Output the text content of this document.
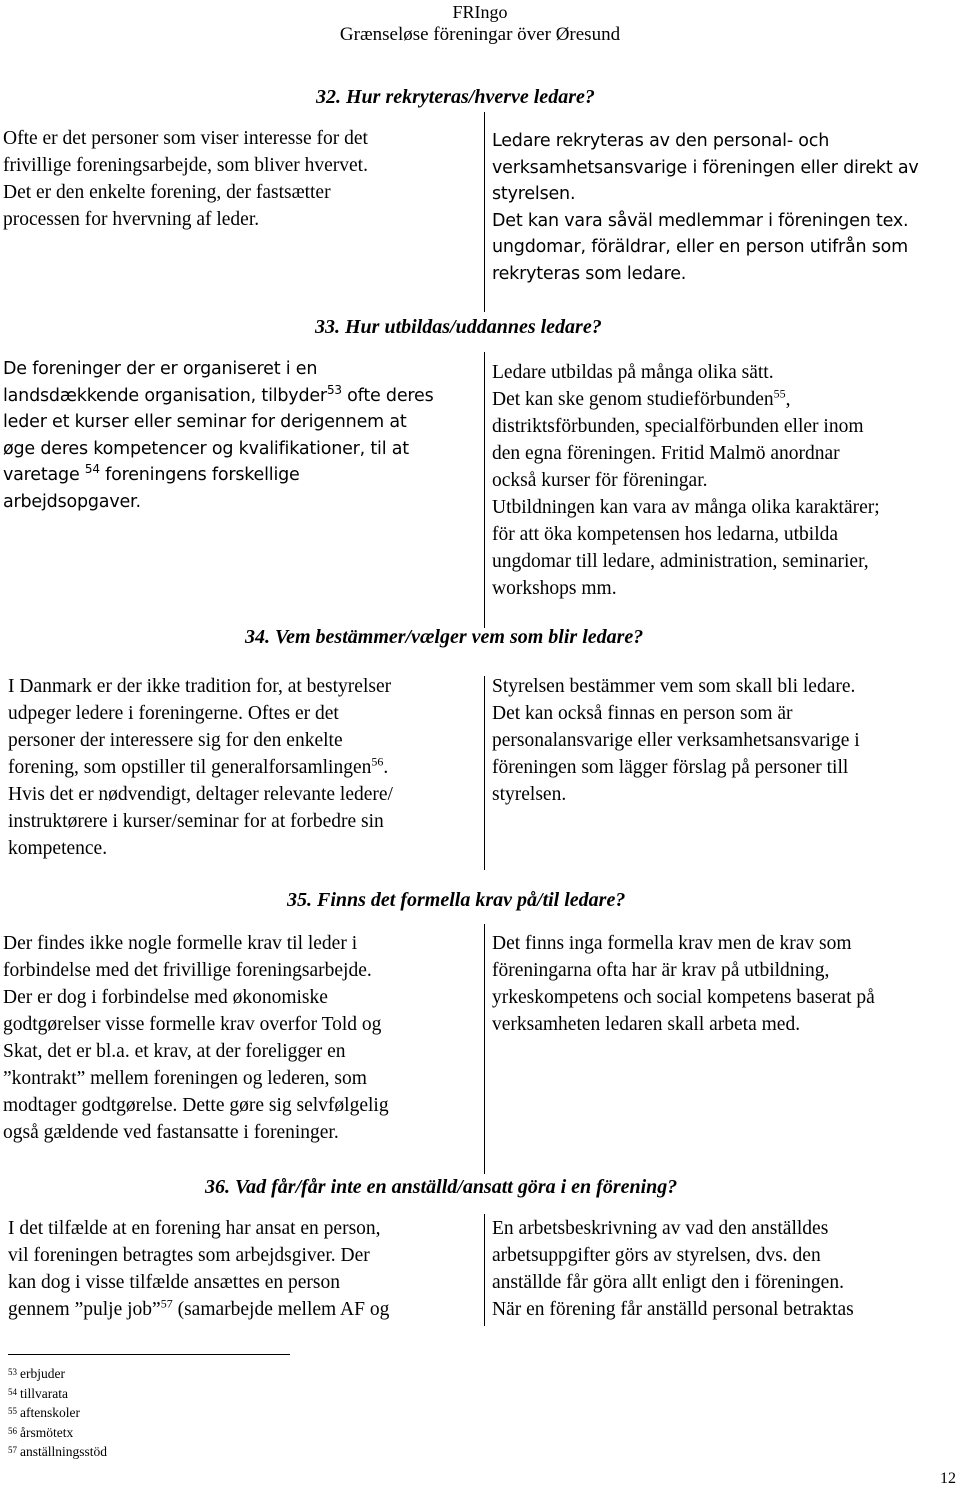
FRIngo
Grænseløse föreningar över Øresund
32. Hur rekryteras/hverve ledare?
Ofte er det personer som viser interesse for det
frivillige foreningsarbejde, som bliver hvervet.
Det er den enkelte forening, der fastsætter
processen for hvervning af leder.
Ledare rekryteras av den personal- och
verksamhetsansvarige i föreningen eller direkt av
styrelsen.
Det kan vara såväl medlemmar i föreningen tex.
ungdomar, föräldrar, eller en person utifrån som
rekryteras som ledare.
33. Hur utbildas/uddannes ledare?
De foreninger der er organiseret i en
landsdækkende organisation, tilbyder$^{53}$ ofte deres
leder et kurser eller seminar for derigennem at
øge deres kompetencer og kvalifikationer, til at
varetage $^{54}$ foreningens forskellige
arbejdsopgaver.
Ledare utbildas på många olika sätt.
Det kan ske genom studieförbunden$^{55}$,
distriktsförbunden, specialförbunden eller inom
den egna föreningen. Fritid Malmö anordnar
också kurser för föreningar.
Utbildningen kan vara av många olika karaktärer;
för att öka kompetensen hos ledarna, utbilda
ungdomar till ledare, administration, seminarier,
workshops mm.
34. Vem bestämmer/vælger vem som blir ledare?
I Danmark er der ikke tradition for, at bestyrelser
udpeger ledere i foreningerne. Oftes er det
personer der interessere sig for den enkelte
forening, som opstiller til generalforsamlingen$^{56}$.
Hvis det er nødvendigt, deltager relevante ledere/
instruktørere i kurser/seminar for at forbedre sin
kompetence.
Styrelsen bestämmer vem som skall bli ledare.
Det kan också finnas en person som är
personalansvarige eller verksamhetsansvarige i
föreningen som lägger förslag på personer till
styrelsen.
35. Finns det formella krav på/til ledare?
Der findes ikke nogle formelle krav til leder i
forbindelse med det frivillige foreningsarbejde.
Der er dog i forbindelse med økonomiske
godtgørelser visse formelle krav overfor Told og
Skat, det er bl.a. et krav, at der foreligger en
”kontrakt” mellem foreningen og lederen, som
modtager godtgørelse. Dette gøre sig selvfølgelig
også gældende ved fastansatte i foreninger.
Det finns inga formella krav men de krav som
föreningarna ofta har är krav på utbildning,
yrkeskompetens och social kompetens baserat på
verksamheten ledaren skall arbeta med.
36. Vad får/får inte en anställd/ansatt göra i en förening?
I det tilfælde at en forening har ansat en person,
vil foreningen betragtes som arbejdsgiver. Der
kan dog i visse tilfælde ansættes en person
gennem ”pulje job”$^{57}$ (samarbejde mellem AF og
En arbetsbeskrivning av vad den anställdes
arbetsuppgifter görs av styrelsen, dvs. den
anställde får göra allt enligt den i föreningen.
När en förening får anställd personal betraktas
$^{53}$ erbjuder
$^{54}$ tillvarata
$^{55}$ aftenskoler
$^{56}$ årsmötetx
$^{57}$ anställningsstöd
12
